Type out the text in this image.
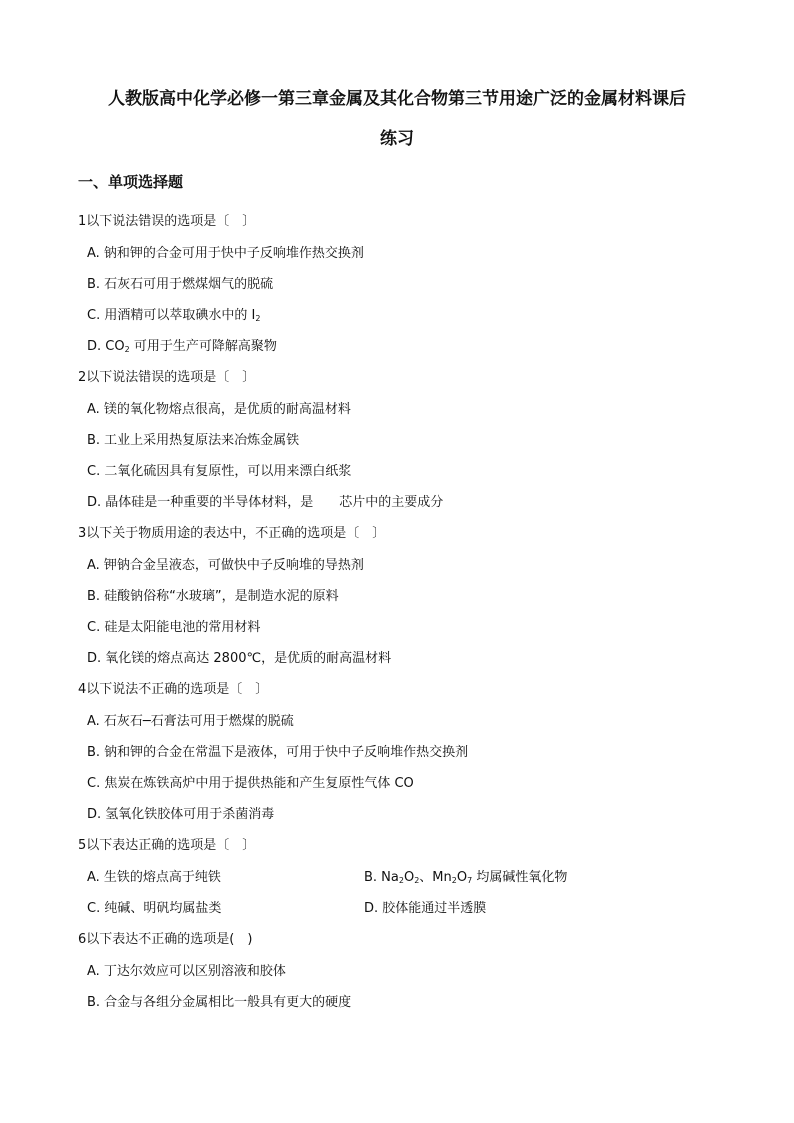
人教版高中化学必修一第三章金属及其化合物第三节用途广泛的金属材料课后
练习
一、单项选择题
1以下说法错误的选项是〔　〕
A. 钠和钾的合金可用于快中子反响堆作热交换剂
B. 石灰石可用于燃煤烟气的脱硫
C. 用酒精可以萃取碘水中的 $I_2$
D. $CO_2$ 可用于生产可降解高聚物
2以下说法错误的选项是〔　〕
A. 镁的氧化物熔点很高，是优质的耐高温材料
B. 工业上采用热复原法来冶炼金属铁
C. 二氧化硫因具有复原性，可以用来漂白纸浆
D. 晶体硅是一种重要的半导体材料，是　　芯片中的主要成分
3以下关于物质用途的表达中，不正确的选项是〔　〕
A. 钾钠合金呈液态，可做快中子反响堆的导热剂
B. 硅酸钠俗称“水玻璃”，是制造水泥的原料
C. 硅是太阳能电池的常用材料
D. 氧化镁的熔点高达 2800℃，是优质的耐高温材料
4以下说法不正确的选项是〔　〕
A. 石灰石─石膏法可用于燃煤的脱硫
B. 钠和钾的合金在常温下是液体，可用于快中子反响堆作热交换剂
C. 焦炭在炼铁高炉中用于提供热能和产生复原性气体 CO
D. 氢氧化铁胶体可用于杀菌消毒
5以下表达正确的选项是〔　〕
A. 生铁的熔点高于纯铁	B. $Na_2O_2$、$Mn_2O_7$ 均属碱性氧化物
C. 纯碱、明矾均属盐类	D. 胶体能通过半透膜
6以下表达不正确的选项是(　)
A. 丁达尔效应可以区别溶液和胶体
B. 合金与各组分金属相比一般具有更大的硬度
